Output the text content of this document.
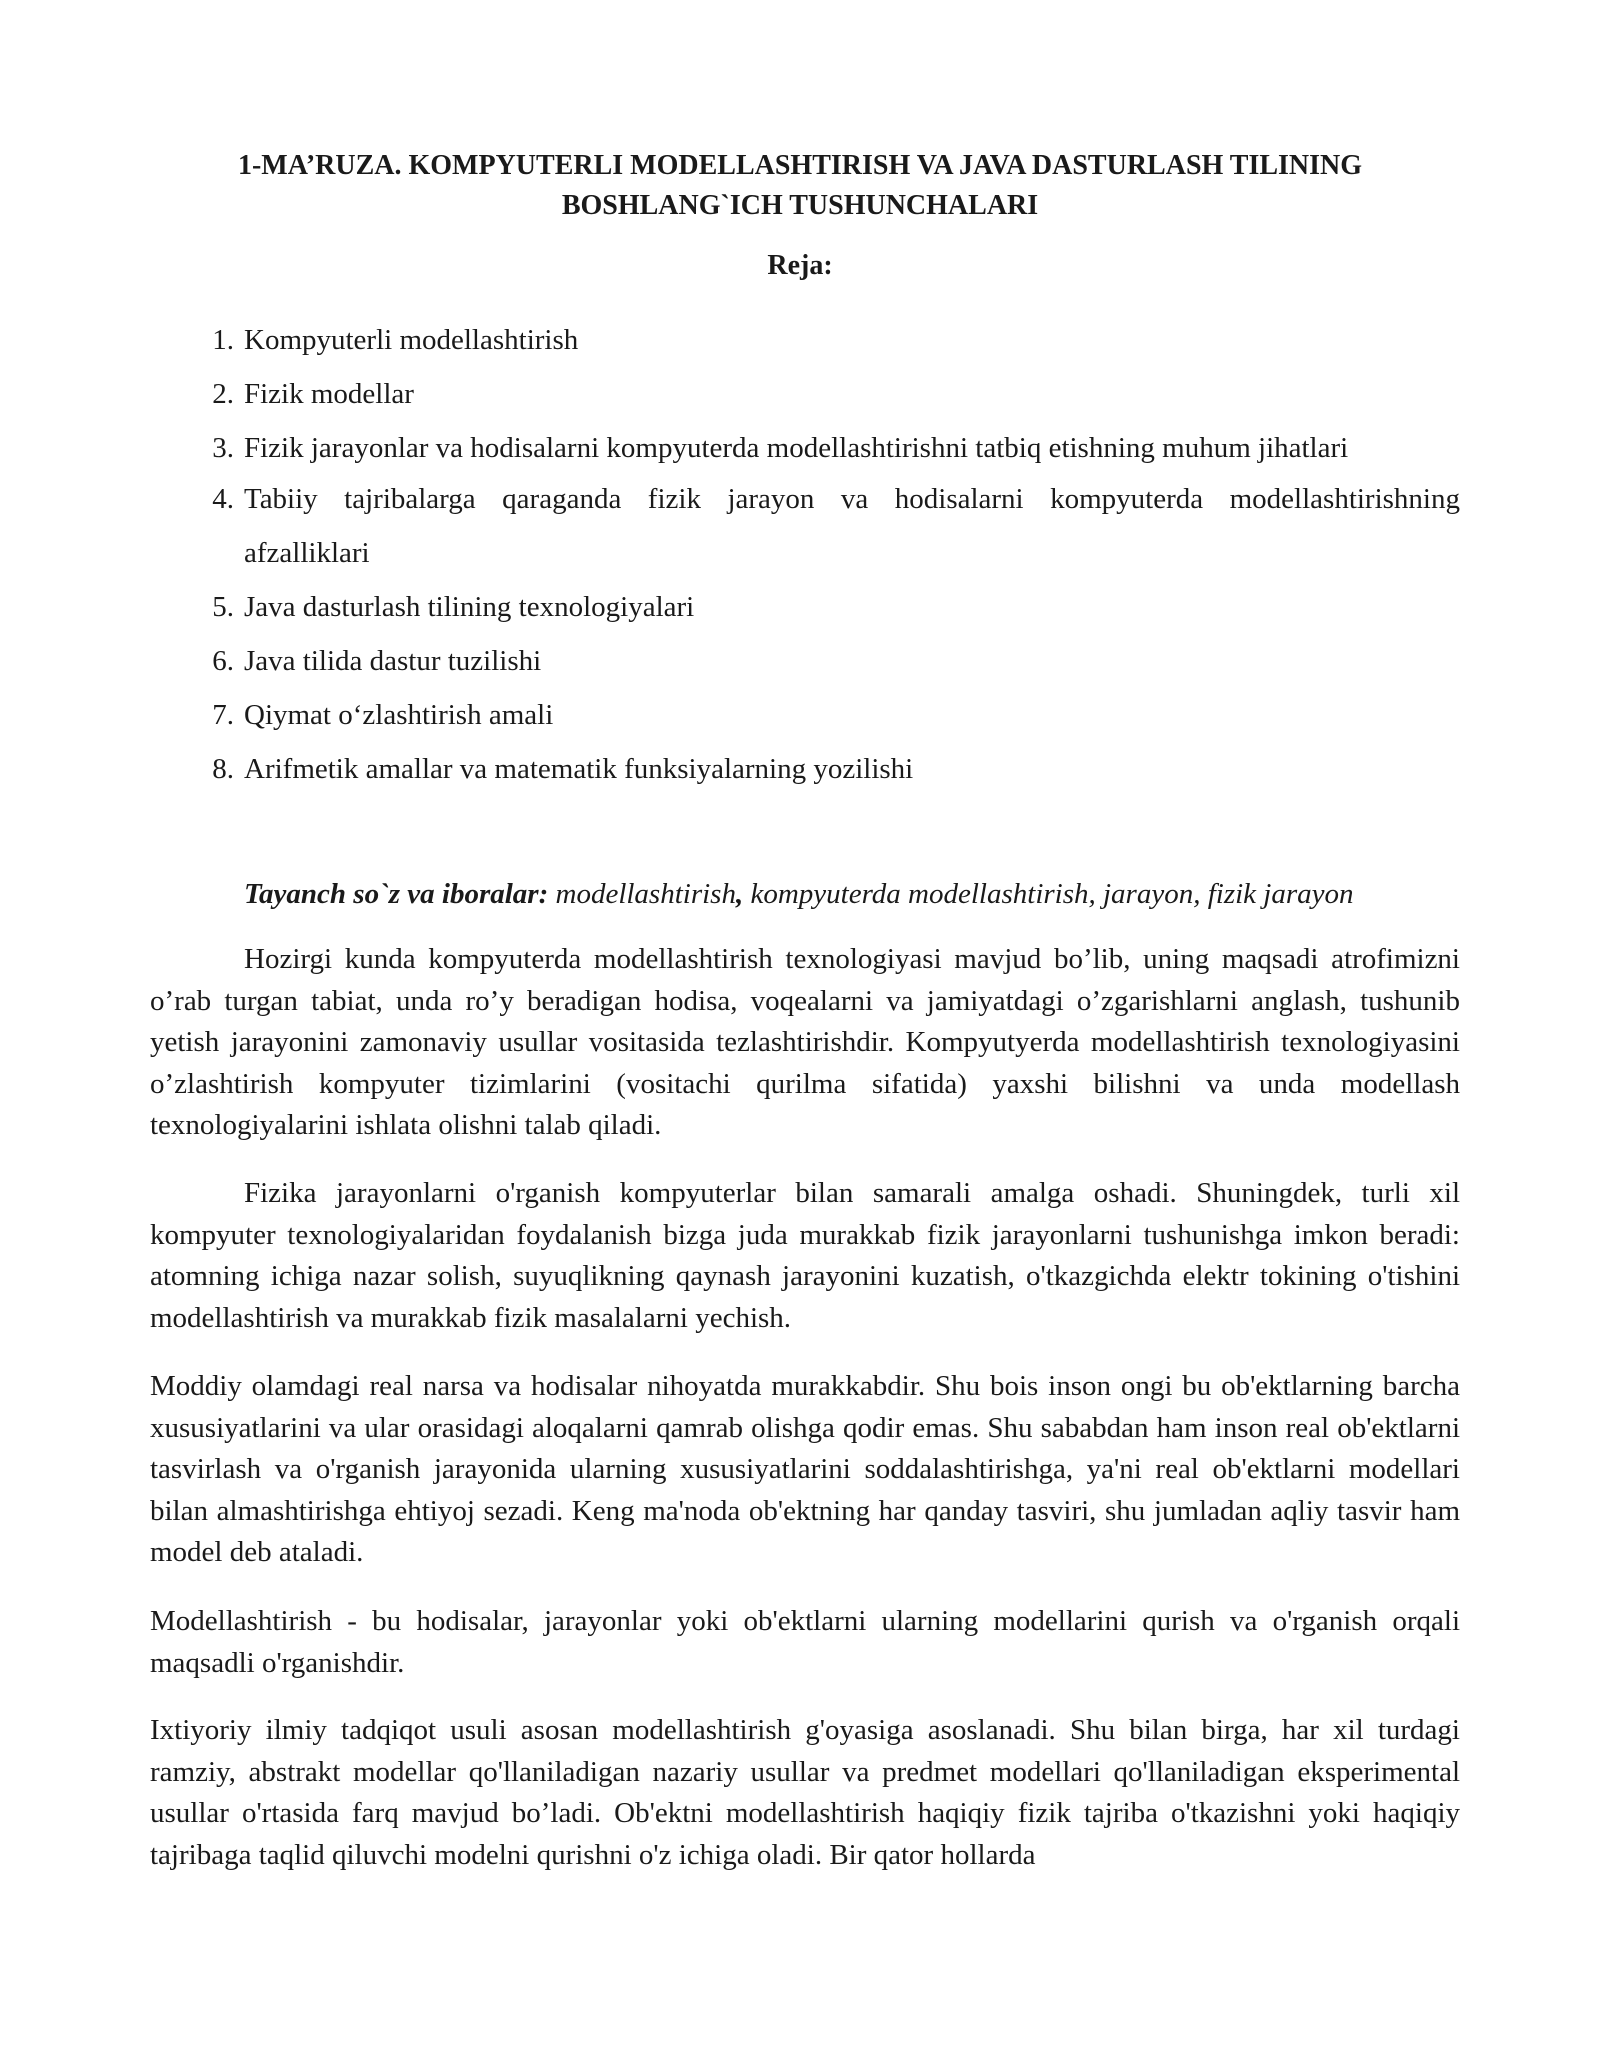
1-MA’RUZA. KOMPYUTERLI MODELLASHTIRISH VA JAVA DASTURLASH TILINING
BOSHLANG`ICH TUSHUNCHALARI
Reja:
1. Kompyuterli modellashtirish
2. Fizik modellar
3. Fizik jarayonlar va hodisalarni kompyuterda modellashtirishni tatbiq etishning muhum jihatlari
4. Tabiiy tajribalarga qaraganda fizik jarayon va hodisalarni kompyuterda modellashtirishning
afzalliklari
5. Java dasturlash tilining texnologiyalari
6. Java tilida dastur tuzilishi
7. Qiymat o‘zlashtirish amali
8. Arifmetik amallar va matematik funksiyalarning yozilishi
Tayanch so`z va iboralar: modellashtirish, kompyuterda modellashtirish, jarayon, fizik jarayon

Hozirgi kunda kompyuterda modellashtirish texnologiyasi mavjud bo’lib, uning maqsadi atrofimizni o’rab turgan tabiat, unda ro’y beradigan hodisa, voqealarni va jamiyatdagi o’zgarishlarni anglash, tushunib yetish jarayonini zamonaviy usullar vositasida tezlashtirishdir. Kompyutyerda modellashtirish texnologiyasini o’zlashtirish kompyuter tizimlarini (vositachi qurilma sifatida) yaxshi bilishni va unda modellash texnologiyalarini ishlata olishni talab qiladi.

Fizika jarayonlarni o'rganish kompyuterlar bilan samarali amalga oshadi. Shuningdek, turli xil kompyuter texnologiyalaridan foydalanish bizga juda murakkab fizik jarayonlarni tushunishga imkon beradi: atomning ichiga nazar solish, suyuqlikning qaynash jarayonini kuzatish, o'tkazgichda elektr tokining o'tishini modellashtirish va murakkab fizik masalalarni yechish.

Moddiy olamdagi real narsa va hodisalar nihoyatda murakkabdir. Shu bois inson ongi bu ob'ektlarning barcha xususiyatlarini va ular orasidagi aloqalarni qamrab olishga qodir emas. Shu sababdan ham inson real ob'ektlarni tasvirlash va o'rganish jarayonida ularning xususiyatlarini soddalashtirishga, ya'ni real ob'ektlarni modellari bilan almashtirishga ehtiyoj sezadi. Keng ma'noda ob'ektning har qanday tasviri, shu jumladan aqliy tasvir ham model deb ataladi.

Modellashtirish - bu hodisalar, jarayonlar yoki ob'ektlarni ularning modellarini qurish va o'rganish orqali maqsadli o'rganishdir.

Ixtiyoriy ilmiy tadqiqot usuli asosan modellashtirish g'oyasiga asoslanadi. Shu bilan birga, har xil turdagi ramziy, abstrakt modellar qo'llaniladigan nazariy usullar va predmet modellari qo'llaniladigan eksperimental usullar o'rtasida farq mavjud bo’ladi. Ob'ektni modellashtirish haqiqiy fizik tajriba o'tkazishni yoki haqiqiy tajribaga taqlid qiluvchi modelni qurishni o'z ichiga oladi. Bir qator hollarda
